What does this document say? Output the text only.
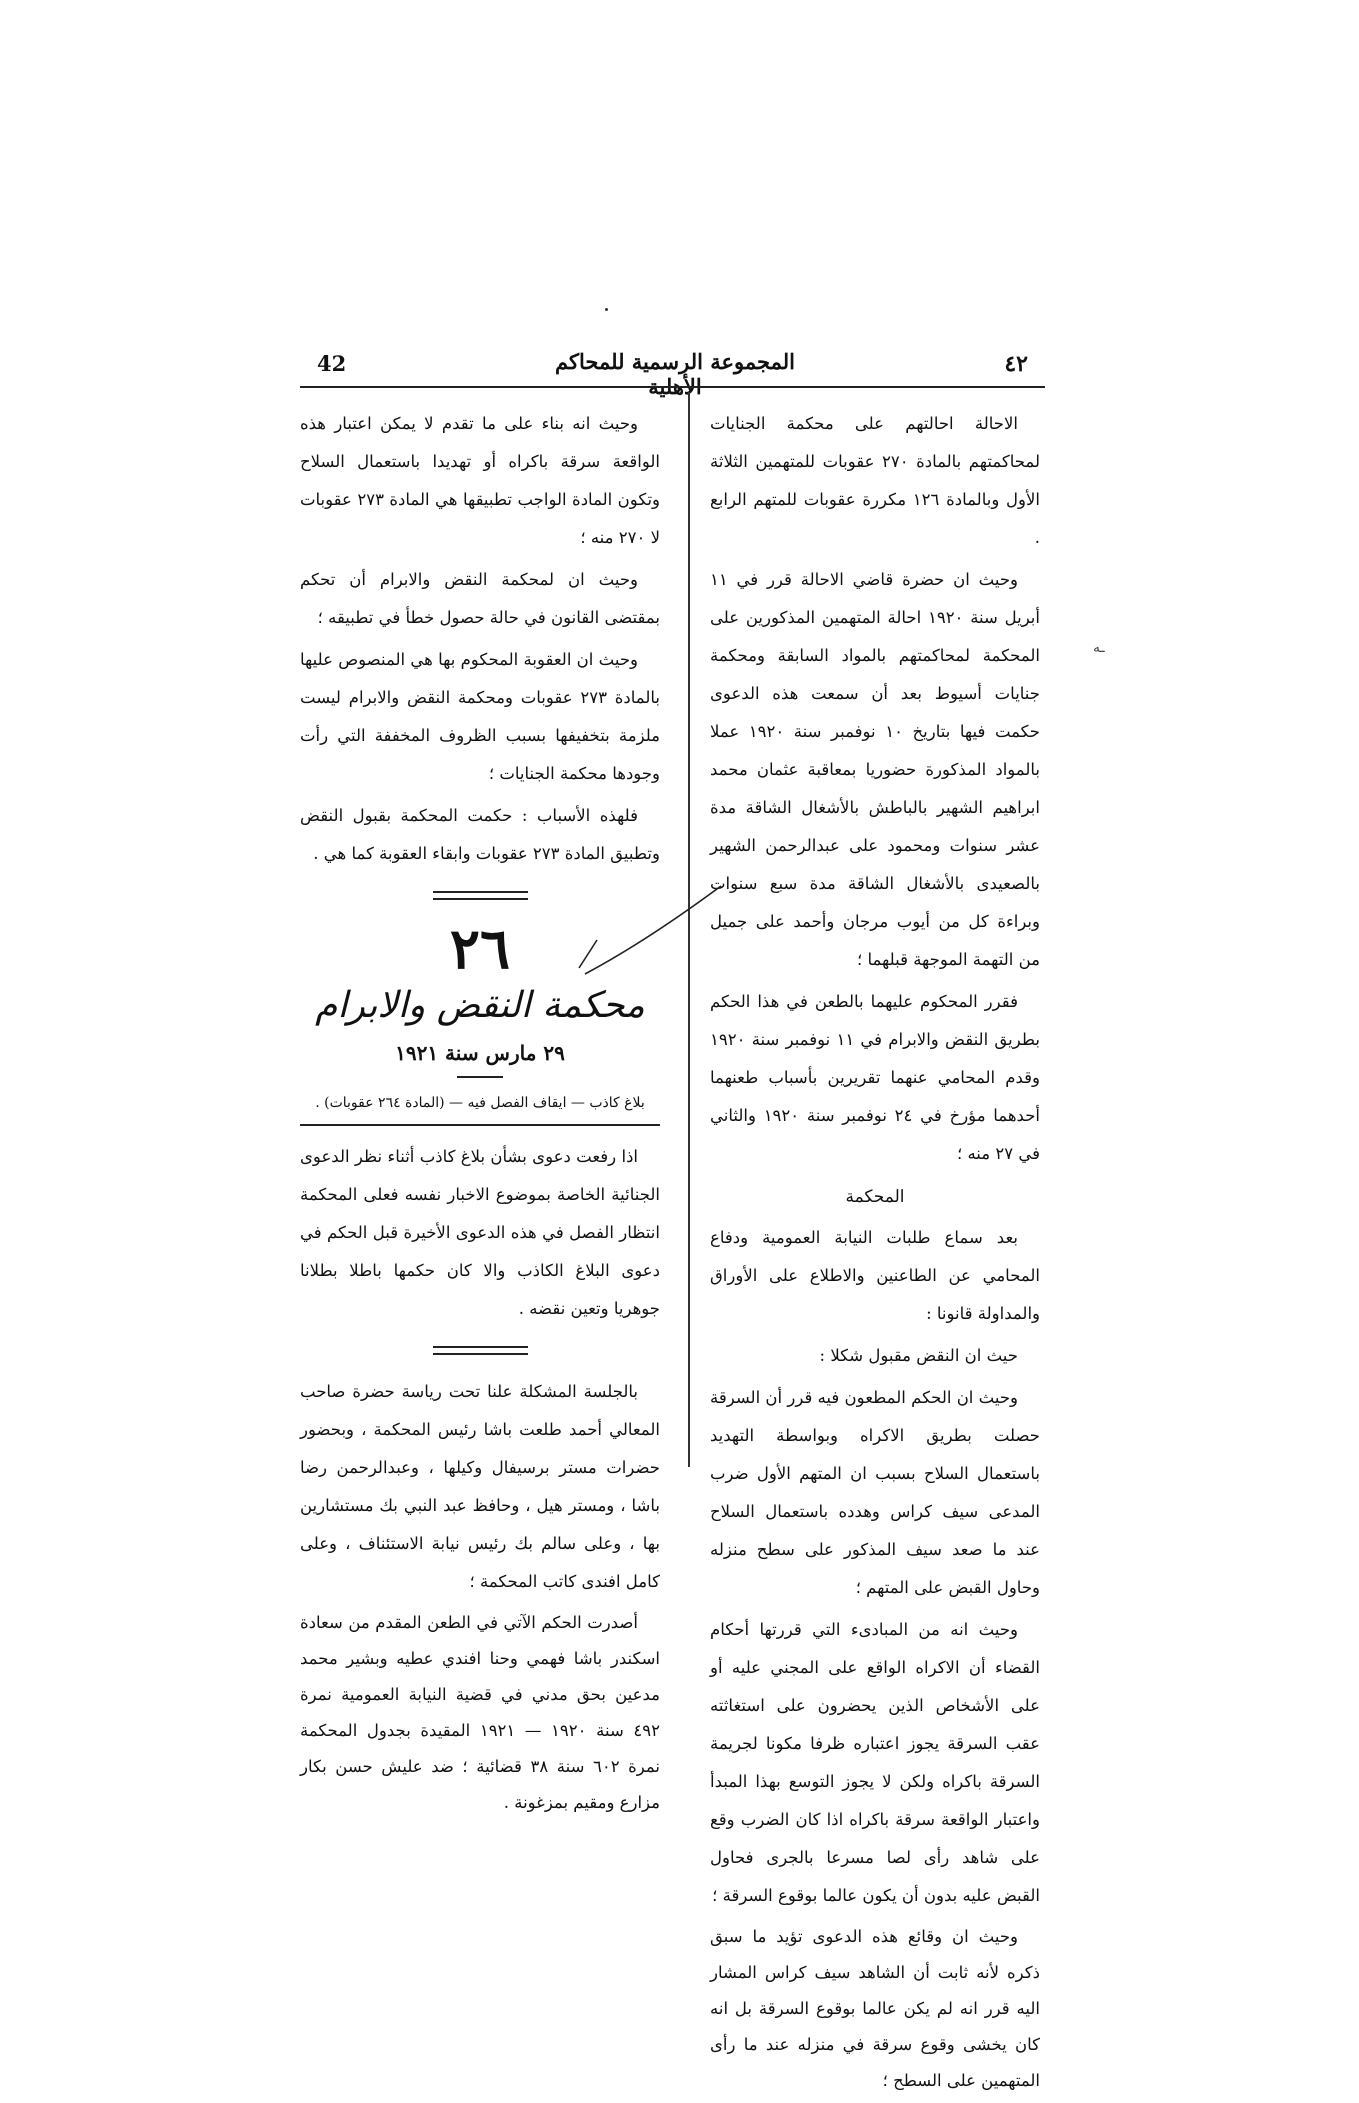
42	المجموعة الرسمية للمحاكم الأهلية
٤٢

الاحالة احالتهم على محكمة الجنايات لمحاكمتهم بالمادة ٢٧٠ عقوبات للمتهمين الثلاثة الأول وبالمادة ١٢٦ مكررة عقوبات للمتهم الرابع .

وحيث ان حضرة قاضي الاحالة قرر في ١١ أبريل سنة ١٩٢٠ احالة المتهمين المذكورين على المحكمة لمحاكمتهم بالمواد السابقة ومحكمة جنايات أسيوط بعد أن سمعت هذه الدعوى حكمت فيها بتاريخ ١٠ نوفمبر سنة ١٩٢٠ عملا بالمواد المذكورة حضوريا بمعاقبة عثمان محمد ابراهيم الشهير بالباطش بالأشغال الشاقة مدة عشر سنوات ومحمود على عبدالرحمن الشهير بالصعيدى بالأشغال الشاقة مدة سبع سنوات وبراءة كل من أيوب مرجان وأحمد على جميل من التهمة الموجهة قبلهما ؛

فقرر المحكوم عليهما بالطعن في هذا الحكم بطريق النقض والابرام في ١١ نوفمبر سنة ١٩٢٠ وقدم المحامي عنهما تقريرين بأسباب طعنهما أحدهما مؤرخ في ٢٤ نوفمبر سنة ١٩٢٠ والثاني في ٢٧ منه ؛

المحكمة

بعد سماع طلبات النيابة العمومية ودفاع المحامي عن الطاعنين والاطلاع على الأوراق والمداولة قانونا :

حيث ان النقض مقبول شكلا :

وحيث ان الحكم المطعون فيه قرر أن السرقة حصلت بطريق الاكراه وبواسطة التهديد باستعمال السلاح بسبب ان المتهم الأول ضرب المدعى سيف كراس وهدده باستعمال السلاح عند ما صعد سيف المذكور على سطح منزله وحاول القبض على المتهم ؛

وحيث انه من المبادىء التي قررتها أحكام القضاء أن الاكراه الواقع على المجني عليه أو على الأشخاص الذين يحضرون على استغاثته عقب السرقة يجوز اعتباره ظرفا مكونا لجريمة السرقة باكراه ولكن لا يجوز التوسع بهذا المبدأ واعتبار الواقعة سرقة باكراه اذا كان الضرب وقع على شاهد رأى لصا مسرعا بالجرى فحاول القبض عليه بدون أن يكون عالما بوقوع السرقة ؛

وحيث ان وقائع هذه الدعوى تؤيد ما سبق ذكره لأنه ثابت أن الشاهد سيف كراس المشار اليه قرر انه لم يكن عالما بوقوع السرقة بل انه كان يخشى وقوع سرقة في منزله عند ما رأى المتهمين على السطح ؛

وحيث انه بناء على ما تقدم لا يمكن اعتبار هذه الواقعة سرقة باكراه أو تهديدا باستعمال السلاح وتكون المادة الواجب تطبيقها هي المادة ٢٧٣ عقوبات لا ٢٧٠ منه ؛

وحيث ان لمحكمة النقض والابرام أن تحكم بمقتضى القانون في حالة حصول خطأ في تطبيقه ؛

وحيث ان العقوبة المحكوم بها هي المنصوص عليها بالمادة ٢٧٣ عقوبات ومحكمة النقض والابرام ليست ملزمة بتخفيفها بسبب الظروف المخففة التي رأت وجودها محكمة الجنايات ؛

فلهذه الأسباب : حكمت المحكمة بقبول النقض وتطبيق المادة ٢٧٣ عقوبات وابقاء العقوبة كما هي .

٢٦
محكمة النقض والابرام
٢٩ مارس سنة ١٩٢١
بلاغ كاذب — ايقاف الفصل فيه — (المادة ٢٦٤ عقوبات) .

اذا رفعت دعوى بشأن بلاغ كاذب أثناء نظر الدعوى الجنائية الخاصة بموضوع الاخبار نفسه فعلى المحكمة انتظار الفصل في هذه الدعوى الأخيرة قبل الحكم في دعوى البلاغ الكاذب والا كان حكمها باطلا بطلانا جوهريا وتعين نقضه .

بالجلسة المشكلة علنا تحت رياسة حضرة صاحب المعالي أحمد طلعت باشا رئيس المحكمة ، وبحضور حضرات مستر برسيفال وكيلها ، وعبدالرحمن رضا باشا ، ومستر هيل ، وحافظ عبد النبي بك مستشارين بها ، وعلى سالم بك رئيس نيابة الاستئناف ، وعلى كامل افندى كاتب المحكمة ؛

أصدرت الحكم الآتي في الطعن المقدم من سعادة اسكندر باشا فهمي وحنا افندي عطيه وبشير محمد مدعين بحق مدني في قضية النيابة العمومية نمرة ٤٩٢ سنة ١٩٢٠ — ١٩٢١ المقيدة بجدول المحكمة نمرة ٦٠٢ سنة ٣٨ قضائية ؛ ضد عليش حسن بكار مزارع ومقيم بمزغونة .

ـه
